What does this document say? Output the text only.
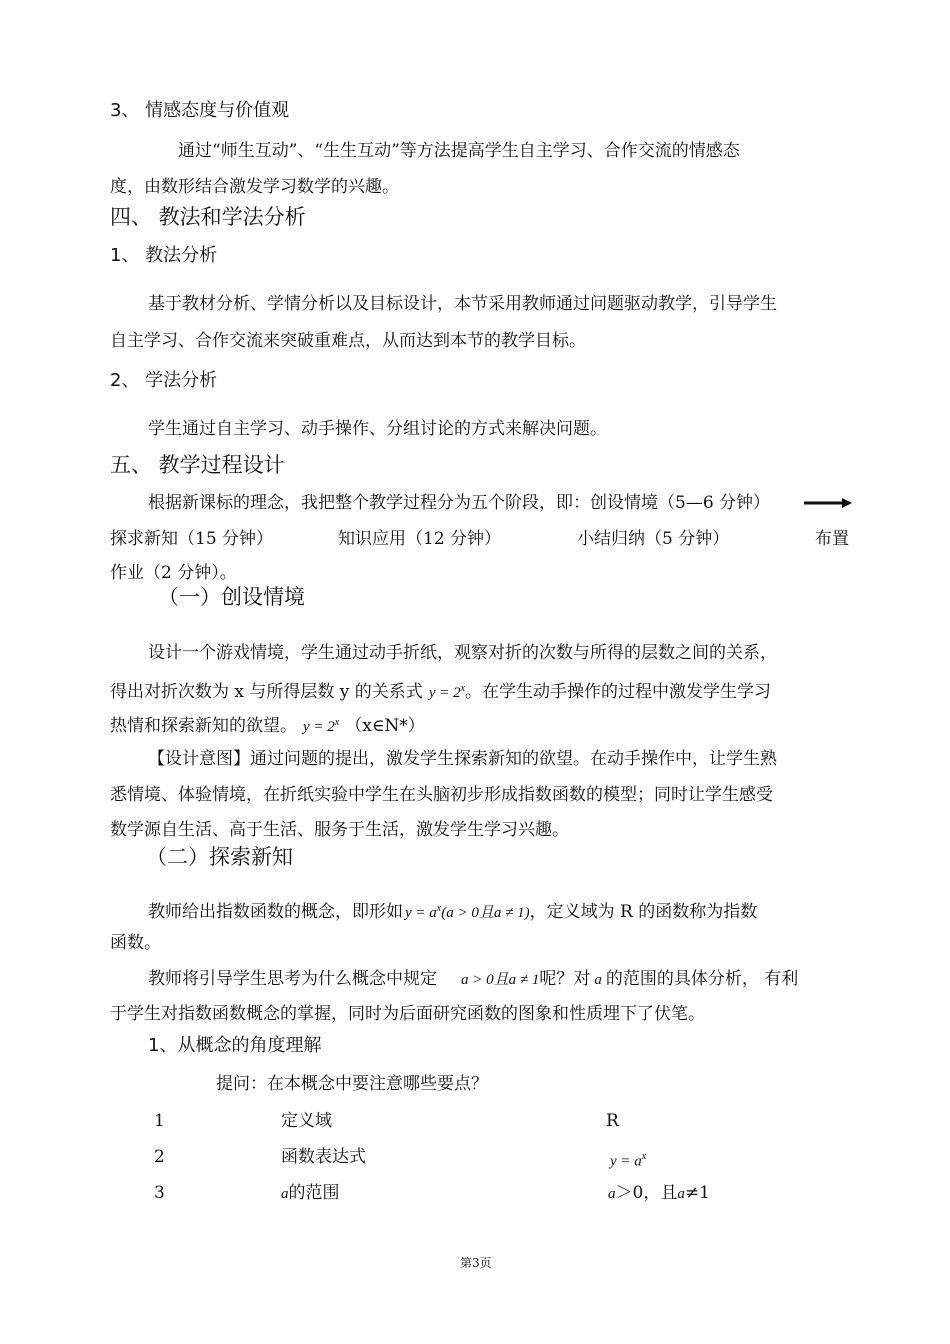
3、 情感态度与价值观
通过“师生互动”、“生生互动”等方法提高学生自主学习、合作交流的情感态
度，由数形结合激发学习数学的兴趣。
四、 教法和学法分析
1、 教法分析
基于教材分析、学情分析以及目标设计，本节采用教师通过问题驱动教学，引导学生
自主学习、合作交流来突破重难点，从而达到本节的教学目标。
2、 学法分析
学生通过自主学习、动手操作、分组讨论的方式来解决问题。
五、 教学过程设计
根据新课标的理念，我把整个教学过程分为五个阶段，即：创设情境（5—6 分钟）
探求新知（15 分钟）	知识应用（12 分钟）	小结归纳（5 分钟）	布置
作业（2 分钟）。
（一）创设情境
设计一个游戏情境，学生通过动手折纸，观察对折的次数与所得的层数之间的关系，
得出对折次数为 x 与所得层数 y 的关系式 $y = 2^x$。在学生动手操作的过程中激发学生学习
热情和探索新知的欲望。 $y = 2^x$ （x∈N*）
【设计意图】通过问题的提出，激发学生探索新知的欲望。在动手操作中，让学生熟
悉情境、体验情境，在折纸实验中学生在头脑初步形成指数函数的模型；同时让学生感受
数学源自生活、高于生活、服务于生活，激发学生学习兴趣。
（二）探索新知
教师给出指数函数的概念，即形如 $y = a^x(a > 0$且a ≠ 1)，定义域为 R 的函数称为指数
函数。
教师将引导学生思考为什么概念中规定 a > 0且a ≠ 1呢？对 a 的范围的具体分析， 有利
于学生对指数函数概念的掌握，同时为后面研究函数的图象和性质埋下了伏笔。
1、从概念的角度理解
提问：在本概念中要注意哪些要点？
1	定义域	R
2	函数表达式	$y = a^x$
3	a的范围	a＞0，且a≠1
第3页
